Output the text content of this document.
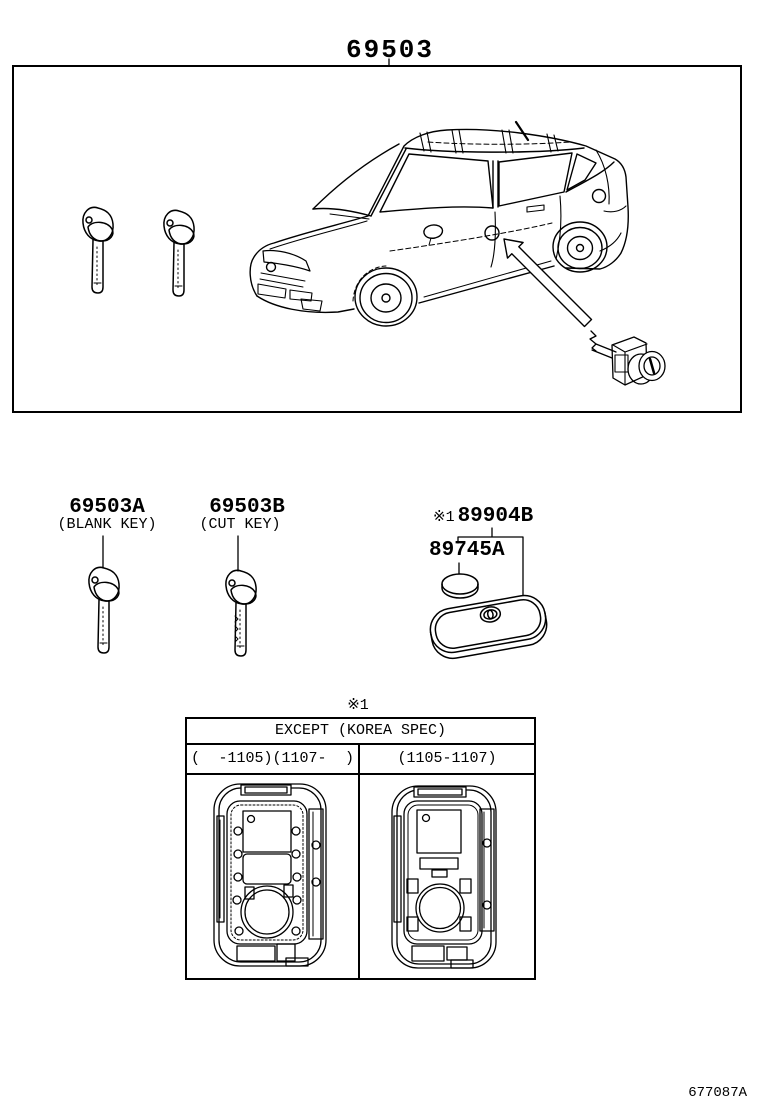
EXCEPT (KOREA SPEC)
(	-1105)(1107-	)	(1105-1107)
69503
69503A
(BLANK KEY)
69503B
(CUT KEY)	※1 89904B
89745A
※1
677087A
